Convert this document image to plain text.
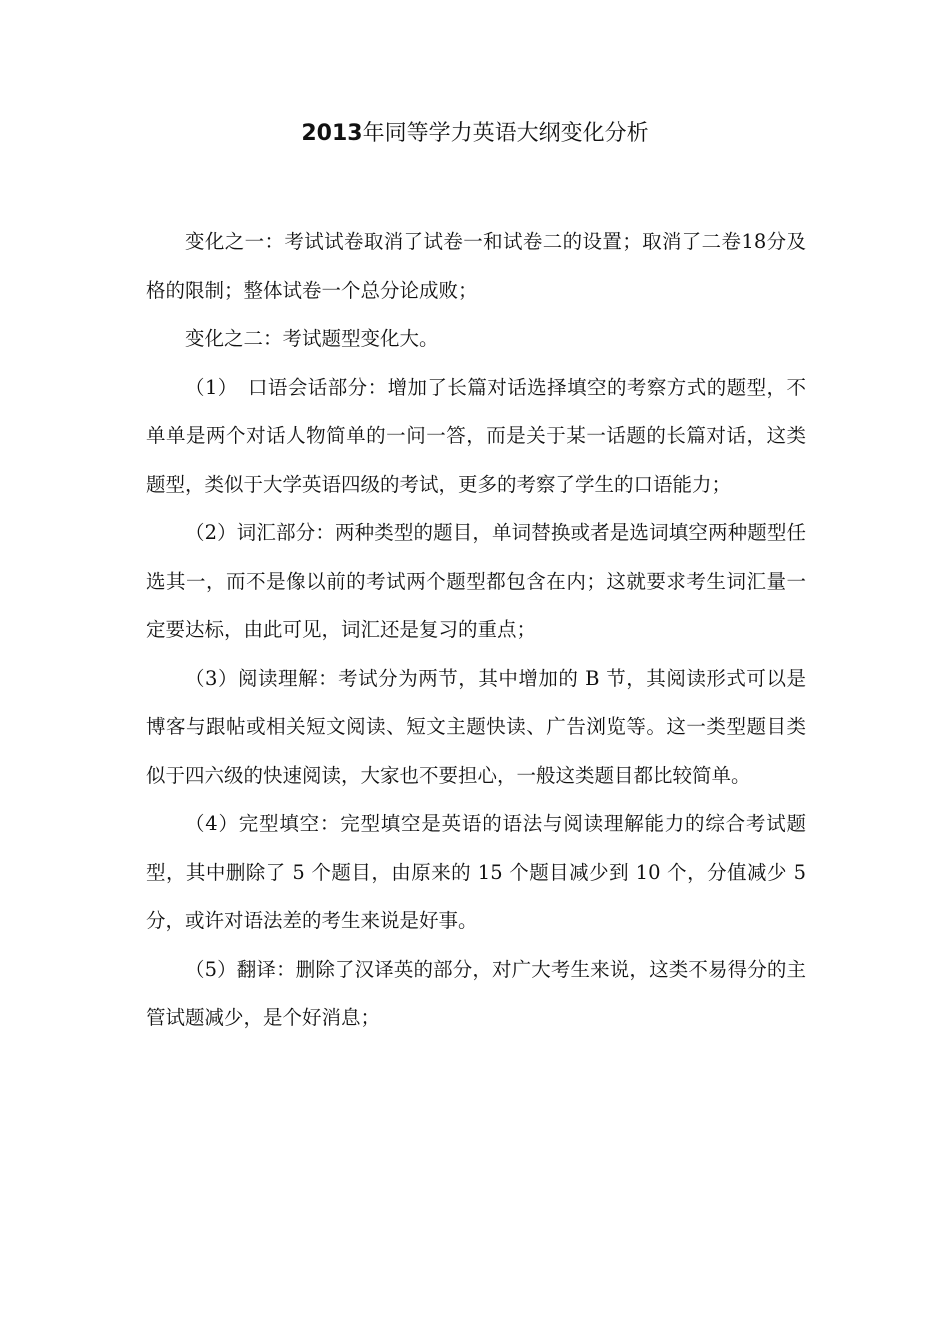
2013年同等学力英语大纲变化分析

变化之一：考试试卷取消了试卷一和试卷二的设置；取消了二卷18分及格的限制；整体试卷一个总分论成败；

变化之二：考试题型变化大。

（1）　口语会话部分：增加了长篇对话选择填空的考察方式的题型，不单单是两个对话人物简单的一问一答，而是关于某一话题的长篇对话，这类题型，类似于大学英语四级的考试，更多的考察了学生的口语能力；

（2）词汇部分：两种类型的题目，单词替换或者是选词填空两种题型任选其一，而不是像以前的考试两个题型都包含在内；这就要求考生词汇量一定要达标，由此可见，词汇还是复习的重点；

（3）阅读理解：考试分为两节，其中增加的 B 节，其阅读形式可以是博客与跟帖或相关短文阅读、短文主题快读、广告浏览等。这一类型题目类似于四六级的快速阅读，大家也不要担心，一般这类题目都比较简单。

（4）完型填空：完型填空是英语的语法与阅读理解能力的综合考试题型，其中删除了 5 个题目，由原来的 15 个题目减少到 10 个，分值减少 5 分，或许对语法差的考生来说是好事。

（5）翻译：删除了汉译英的部分，对广大考生来说，这类不易得分的主管试题减少，是个好消息；
